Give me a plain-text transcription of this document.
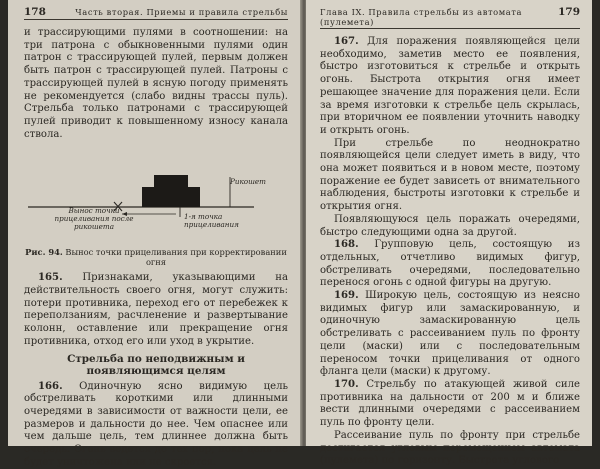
178	Часть вторая. Приемы и правила стрельбы

и трассирующими пулями в соотношении: на три патрона с обыкновенными пулями один патрон с трассирующей пулей, первым должен быть патрон с трассирующей пулей. Патроны с трассирующей пулей в ясную погоду применять не рекомендуется (слабо видны трассы пуль). Стрельба только патронами с трассирующей пулей приводит к повышенному износу канала ствола.

Рикошет
Вынос точки прицеливания после рикошета
1-я точка прицеливания
Рис. 94. Вынос точки прицеливания при корректировании огня

165. Признаками, указывающими на действительность своего огня, могут служить: потери противника, переход его от перебежек к переползаниям, расчленение и развертывание колонн, оставление или прекращение огня противника, отход его или уход в укрытие.

Стрельба по неподвижным и появляющимся целям

166. Одиночную ясно видимую цель обстреливать короткими или длинными очередями в зависимости от важности цели, ее размеров и дальности до нее. Чем опаснее или чем дальше цель, тем длиннее должна быть очередь. Огонь ведется до тех пор, пока цель не будет уничтожена или не скроется.

Глава IX. Правила стрельбы из автомата (пулемета)
179

167. Для поражения появляющейся цели необходимо, заметив место ее появления, быстро изготовиться к стрельбе и открыть огонь. Быстрота открытия огня имеет решающее значение для поражения цели. Если за время изготовки к стрельбе цель скрылась, при вторичном ее появлении уточнить наводку и открыть огонь.

При стрельбе по неоднократно появляющейся цели следует иметь в виду, что она может появиться и в новом месте, поэтому поражение ее будет зависеть от внимательного наблюдения, быстроты изготовки к стрельбе и открытия огня.

Появляющуюся цель поражать очередями, быстро следующими одна за другой.

168. Групповую цель, состоящую из отдельных, отчетливо видимых фигур, обстреливать очередями, последовательно перенося огонь с одной фигуры на другую.

169. Широкую цель, состоящую из неясно видимых фигур или замаскированную, и одиночную замаскированную цель обстреливать с рассеиванием пуль по фронту цели (маски) или с последовательным переносом точки прицеливания от одного фланга цели (маски) к другому.

170. Стрельбу по атакующей живой силе противника на дальности от 200 м и ближе вести длинными очередями с рассеиванием пуль по фронту цели.

Рассеивание пуль по фронту при стрельбе достигается угловым перемещением автомата (пулемета) по горизонту. Быстрота углового
